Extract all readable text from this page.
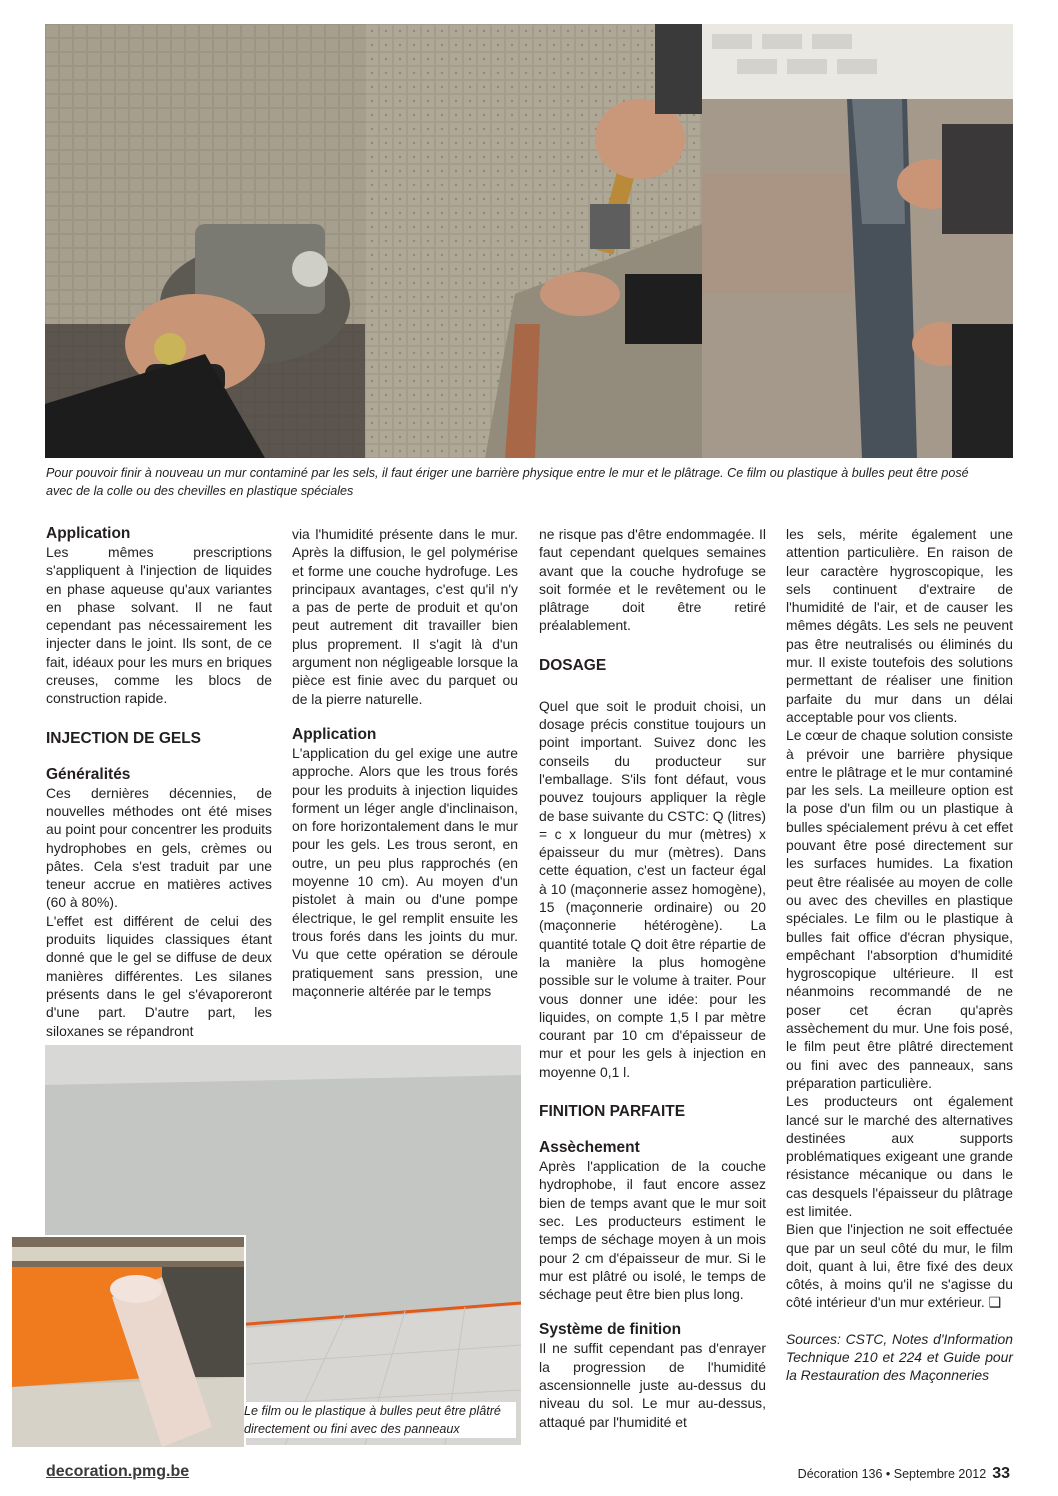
Pour pouvoir finir à nouveau un mur contaminé par les sels, il faut ériger une barrière physique entre le mur et le plâtrage. Ce film ou plastique à bulles peut être posé avec de la colle ou des chevilles en plastique spéciales
Application

Les mêmes prescriptions s'appliquent à l'injection de liquides en phase aqueuse qu'aux variantes en phase solvant. Il ne faut cependant pas nécessairement les injecter dans le joint. Ils sont, de ce fait, idéaux pour les murs en briques creuses, comme les blocs de construction rapide.

INJECTION DE GELS
Généralités

Ces dernières décennies, de nouvelles méthodes ont été mises au point pour concentrer les produits hydrophobes en gels, crèmes ou pâtes. Cela s'est traduit par une teneur accrue en matières actives (60 à 80%).

L'effet est différent de celui des produits liquides classiques étant donné que le gel se diffuse de deux manières différentes. Les silanes présents dans le gel s'évaporeront d'une part. D'autre part, les siloxanes se répandront

via l'humidité présente dans le mur. Après la diffusion, le gel polymérise et forme une couche hydrofuge. Les principaux avantages, c'est qu'il n'y a pas de perte de produit et qu'on peut autrement dit travailler bien plus proprement. Il s'agit là d'un argument non négligeable lorsque la pièce est finie avec du parquet ou de la pierre naturelle.

Application

L'application du gel exige une autre approche. Alors que les trous forés pour les produits à injection liquides forment un léger angle d'inclinaison, on fore horizontalement dans le mur pour les gels. Les trous seront, en outre, un peu plus rapprochés (en moyenne 10 cm). Au moyen d'un pistolet à main ou d'une pompe électrique, le gel remplit ensuite les trous forés dans les joints du mur. Vu que cette opération se déroule pratiquement sans pression, une maçonnerie altérée par le temps

Le film ou le plastique à bulles peut être plâtré directement ou fini avec des panneaux

ne risque pas d'être endommagée. Il faut cependant quelques semaines avant que la couche hydrofuge se soit formée et le revêtement ou le plâtrage doit être retiré préalablement.

DOSAGE

Quel que soit le produit choisi, un dosage précis constitue toujours un point important. Suivez donc les conseils du producteur sur l'emballage. S'ils font défaut, vous pouvez toujours appliquer la règle de base suivante du CSTC: Q (litres) = c x longueur du mur (mètres) x épaisseur du mur (mètres). Dans cette équation, c'est un facteur égal à 10 (maçonnerie assez homogène), 15 (maçonnerie ordinaire) ou 20 (maçonnerie hétérogène). La quantité totale Q doit être répartie de la manière la plus homogène possible sur le volume à traiter. Pour vous donner une idée: pour les liquides, on compte 1,5 l par mètre courant par 10 cm d'épaisseur de mur et pour les gels à injection en moyenne 0,1 l.

FINITION PARFAITE
Assèchement

Après l'application de la couche hydrophobe, il faut encore assez bien de temps avant que le mur soit sec. Les producteurs estiment le temps de séchage moyen à un mois pour 2 cm d'épaisseur de mur. Si le mur est plâtré ou isolé, le temps de séchage peut être bien plus long.

Système de finition

Il ne suffit cependant pas d'enrayer la progression de l'humidité ascensionnelle juste au-dessus du niveau du sol. Le mur au-dessus, attaqué par l'humidité et

les sels, mérite également une attention particulière. En raison de leur caractère hygroscopique, les sels continuent d'extraire de l'humidité de l'air, et de causer les mêmes dégâts. Les sels ne peuvent pas être neutralisés ou éliminés du mur. Il existe toutefois des solutions permettant de réaliser une finition parfaite du mur dans un délai acceptable pour vos clients.

Le cœur de chaque solution consiste à prévoir une barrière physique entre le plâtrage et le mur contaminé par les sels. La meilleure option est la pose d'un film ou un plastique à bulles spécialement prévu à cet effet pouvant être posé directement sur les surfaces humides. La fixation peut être réalisée au moyen de colle ou avec des chevilles en plastique spéciales. Le film ou le plastique à bulles fait office d'écran physique, empêchant l'absorption d'humidité hygroscopique ultérieure. Il est néanmoins recommandé de ne poser cet écran qu'après assèchement du mur. Une fois posé, le film peut être plâtré directement ou fini avec des panneaux, sans préparation particulière.

Les producteurs ont également lancé sur le marché des alternatives destinées aux supports problématiques exigeant une grande résistance mécanique ou dans le cas desquels l'épaisseur du plâtrage est limitée.

Bien que l'injection ne soit effectuée que par un seul côté du mur, le film doit, quant à lui, être fixé des deux côtés, à moins qu'il ne s'agisse du côté intérieur d'un mur extérieur. ❑

Sources: CSTC, Notes d'Information Technique 210 et 224 et Guide pour la Restauration des Maçonneries

decoration.pmg.be	Décoration 136 • Septembre 2012 33
